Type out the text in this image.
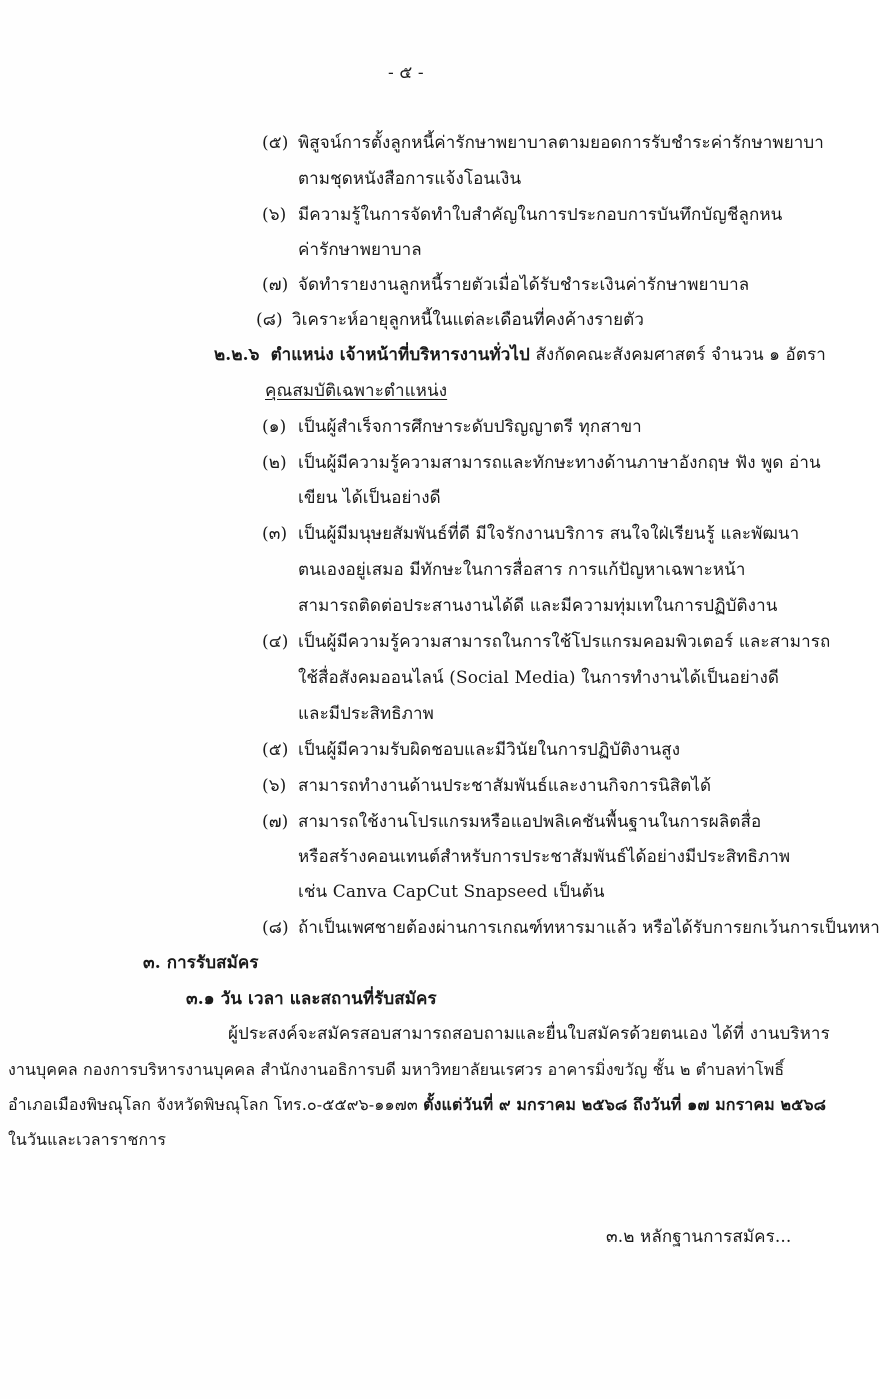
- ๕ -
(๕) พิสูจน์การตั้งลูกหนี้ค่ารักษาพยาบาลตามยอดการรับชำระค่ารักษาพยาบา
ตามชุดหนังสือการแจ้งโอนเงิน
(๖) มีความรู้ในการจัดทำใบสำคัญในการประกอบการบันทึกบัญชีลูกหน
ค่ารักษาพยาบาล
(๗) จัดทำรายงานลูกหนี้รายตัวเมื่อได้รับชำระเงินค่ารักษาพยาบาล
(๘) วิเคราะห์อายุลูกหนี้ในแต่ละเดือนที่คงค้างรายตัว
๒.๒.๖ ตำแหน่ง เจ้าหน้าที่บริหารงานทั่วไป สังกัดคณะสังคมศาสตร์ จำนวน ๑ อัตรา
คุณสมบัติเฉพาะตำแหน่ง
(๑) เป็นผู้สำเร็จการศึกษาระดับปริญญาตรี ทุกสาขา
(๒) เป็นผู้มีความรู้ความสามารถและทักษะทางด้านภาษาอังกฤษ ฟัง พูด อ่าน
เขียน ได้เป็นอย่างดี
(๓) เป็นผู้มีมนุษยสัมพันธ์ที่ดี มีใจรักงานบริการ สนใจใฝ่เรียนรู้ และพัฒนา
ตนเองอยู่เสมอ มีทักษะในการสื่อสาร การแก้ปัญหาเฉพาะหน้า
สามารถติดต่อประสานงานได้ดี และมีความทุ่มเทในการปฏิบัติงาน
(๔) เป็นผู้มีความรู้ความสามารถในการใช้โปรแกรมคอมพิวเตอร์ และสามารถ
ใช้สื่อสังคมออนไลน์ (Social Media) ในการทำงานได้เป็นอย่างดี
และมีประสิทธิภาพ
(๕) เป็นผู้มีความรับผิดชอบและมีวินัยในการปฏิบัติงานสูง
(๖) สามารถทำงานด้านประชาสัมพันธ์และงานกิจการนิสิตได้
(๗) สามารถใช้งานโปรแกรมหรือแอปพลิเคชันพื้นฐานในการผลิตสื่อ
หรือสร้างคอนเทนต์สำหรับการประชาสัมพันธ์ได้อย่างมีประสิทธิภาพ
เช่น Canva CapCut Snapseed เป็นต้น
(๘) ถ้าเป็นเพศชายต้องผ่านการเกณฑ์ทหารมาแล้ว หรือได้รับการยกเว้นการเป็นทหา
๓. การรับสมัคร
๓.๑ วัน เวลา และสถานที่รับสมัคร
ผู้ประสงค์จะสมัครสอบสามารถสอบถามและยื่นใบสมัครด้วยตนเอง ได้ที่ งานบริหาร
งานบุคคล กองการบริหารงานบุคคล สำนักงานอธิการบดี มหาวิทยาลัยนเรศวร อาคารมิ่งขวัญ ชั้น ๒ ตำบลท่าโพธิ์
อำเภอเมืองพิษณุโลก จังหวัดพิษณุโลก โทร.๐-๕๕๙๖-๑๑๗๓ ตั้งแต่วันที่ ๙ มกราคม ๒๕๖๘ ถึงวันที่ ๑๗ มกราคม ๒๕๖๘
ในวันและเวลาราชการ
๓.๒ หลักฐานการสมัคร...
